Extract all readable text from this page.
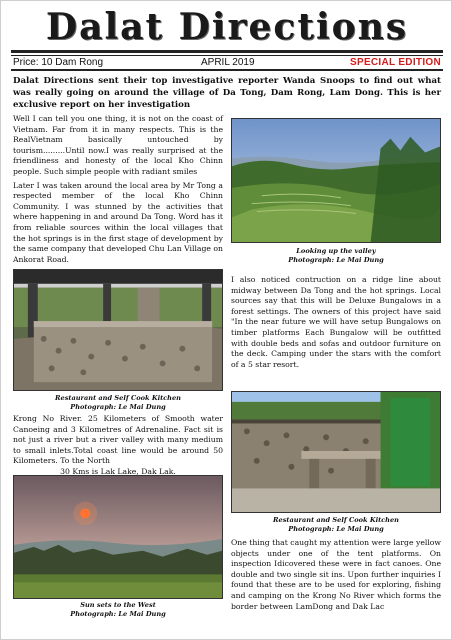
Dalat Directions
Price: 10 Dam Rong	APRIL 2019	SPECIAL EDITION
Dalat Directions sent their top investigative reporter Wanda Snoops to find out what was really going on around the village of Da Tong, Dam Rong, Lam Dong. This is her exclusive report on her investigation

Well I can tell you one thing, it is not on the coast of Vietnam. Far from it in many respects. This is the RealVietnam basically untouched by tourism.........Until now.I was really surprised at the friendliness and honesty of the local Kho Chinn people. Such simple people with radiant smiles

Later I was taken around the local area by Mr Tong a respected member of the local Kho Chinn Community. I was stunned by the activities that where happening in and around Da Tong. Word has it from reliable sources within the local villages that the hot springs is in the first stage of development by the same company that developed Chu Lan Village on Ankorat Road.

Looking up the valley
Photograph: Le Mai Dung
Restaurant and Self Cook Kitchen
Photograph: Le Mai Dung

I also noticed contruction on a ridge line about midway between Da Tong and the hot springs. Local sources say that this will be Deluxe Bungalows in a forest settings. The owners of this project have said "In the near future we will have setup Bungalows on timber platforms Each Bungalow will be outfitted with double beds and sofas and outdoor furniture on the deck. Camping under the stars with the comfort of a 5 star resort.

Krong No River. 25 Kilometers of Smooth water Canoeing and 3 Kilometres of Adrenaline. Fact sit is not just a river but a river valley with many medium to small inlets.Total coast line would be around 50 Kilometers. To the North

30 Kms is Lak Lake, Dak Lak.

Restaurant and Self Cook Kitchen
Photograph: Le Mai Dung
Sun sets to the West
Photograph: Le Mai Dung

One thing that caught my attention were large yellow objects under one of the tent platforms. On inspection Idicovered these were in fact canoes. One double and two single sit ins. Upon further inquiries I found that these are to be used for exploring, fishing and camping on the Krong No River which forms the border between LamDong and Dak Lac
